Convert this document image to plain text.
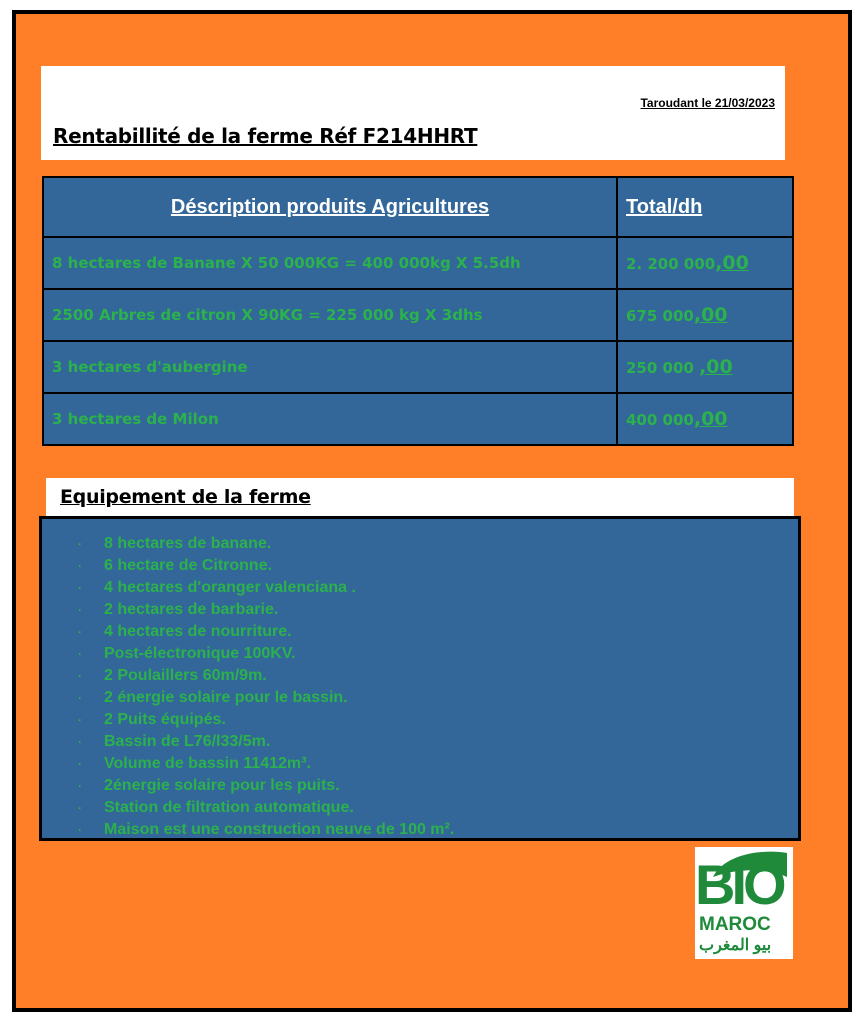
Taroudant le 21/03/2023
Rentabillité de la ferme Réf F214HHRT
Déscription produits Agricultures	Total/dh
8 hectares de Banane X 50 000KG = 400 000kg X 5.5dh	2. 200 000,00
2500 Arbres de citron X 90KG = 225 000 kg X 3dhs	675 000,00
3 hectares d'aubergine	250 000 ,00
3 hectares de Milon	400 000,00
Equipement de la ferme
· 8 hectares de banane.
· 6 hectare de Citronne.
· 4 hectares d'oranger valenciana .
· 2 hectares de barbarie.
· 4 hectares de nourriture.
· Post-électronique 100KV.
· 2 Poulaillers 60m/9m.
· 2 énergie solaire pour le bassin.
· 2 Puits équipés.
· Bassin de L76/l33/5m.
· Volume de bassin 11412m³.
· 2énergie solaire pour les puits.
· Station de filtration automatique.
· Maison est une construction neuve de 100 m².
BIO
MAROC
بيو المغرب
